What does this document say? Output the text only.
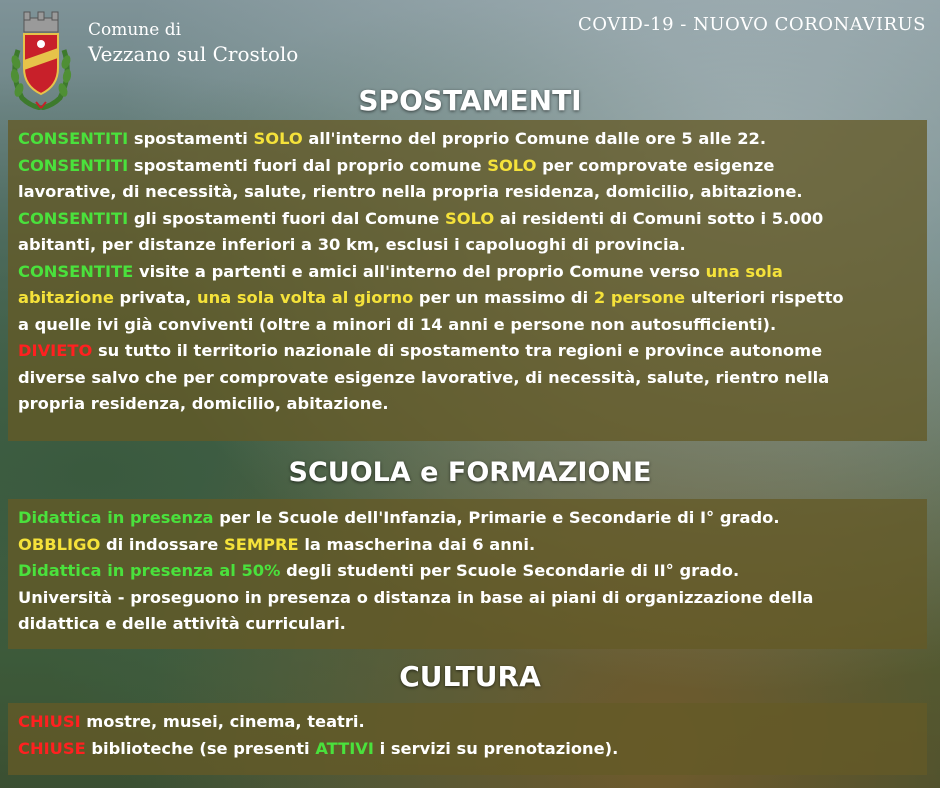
Comune di
Vezzano sul Crostolo
COVID-19 - NUOVO CORONAVIRUS
SPOSTAMENTI
CONSENTITI spostamenti SOLO all'interno del proprio Comune dalle ore 5 alle 22.
CONSENTITI spostamenti fuori dal proprio comune SOLO per comprovate esigenze
lavorative, di necessità, salute, rientro nella propria residenza, domicilio, abitazione.
CONSENTITI gli spostamenti fuori dal Comune SOLO ai residenti di Comuni sotto i 5.000
abitanti, per distanze inferiori a 30 km, esclusi i capoluoghi di provincia.
CONSENTITE visite a partenti e amici all'interno del proprio Comune verso una sola
abitazione privata, una sola volta al giorno per un massimo di 2 persone ulteriori rispetto
a quelle ivi già conviventi (oltre a minori di 14 anni e persone non autosufficienti).
DIVIETO su tutto il territorio nazionale di spostamento tra regioni e province autonome
diverse salvo che per comprovate esigenze lavorative, di necessità, salute, rientro nella
propria residenza, domicilio, abitazione.
SCUOLA e FORMAZIONE
Didattica in presenza per le Scuole dell'Infanzia, Primarie e Secondarie di I° grado.
OBBLIGO di indossare SEMPRE la mascherina dai 6 anni.
Didattica in presenza al 50% degli studenti per Scuole Secondarie di II° grado.
Università - proseguono in presenza o distanza in base ai piani di organizzazione della
didattica e delle attività curriculari.
CULTURA
CHIUSI mostre, musei, cinema, teatri.
CHIUSE biblioteche (se presenti ATTIVI i servizi su prenotazione).
